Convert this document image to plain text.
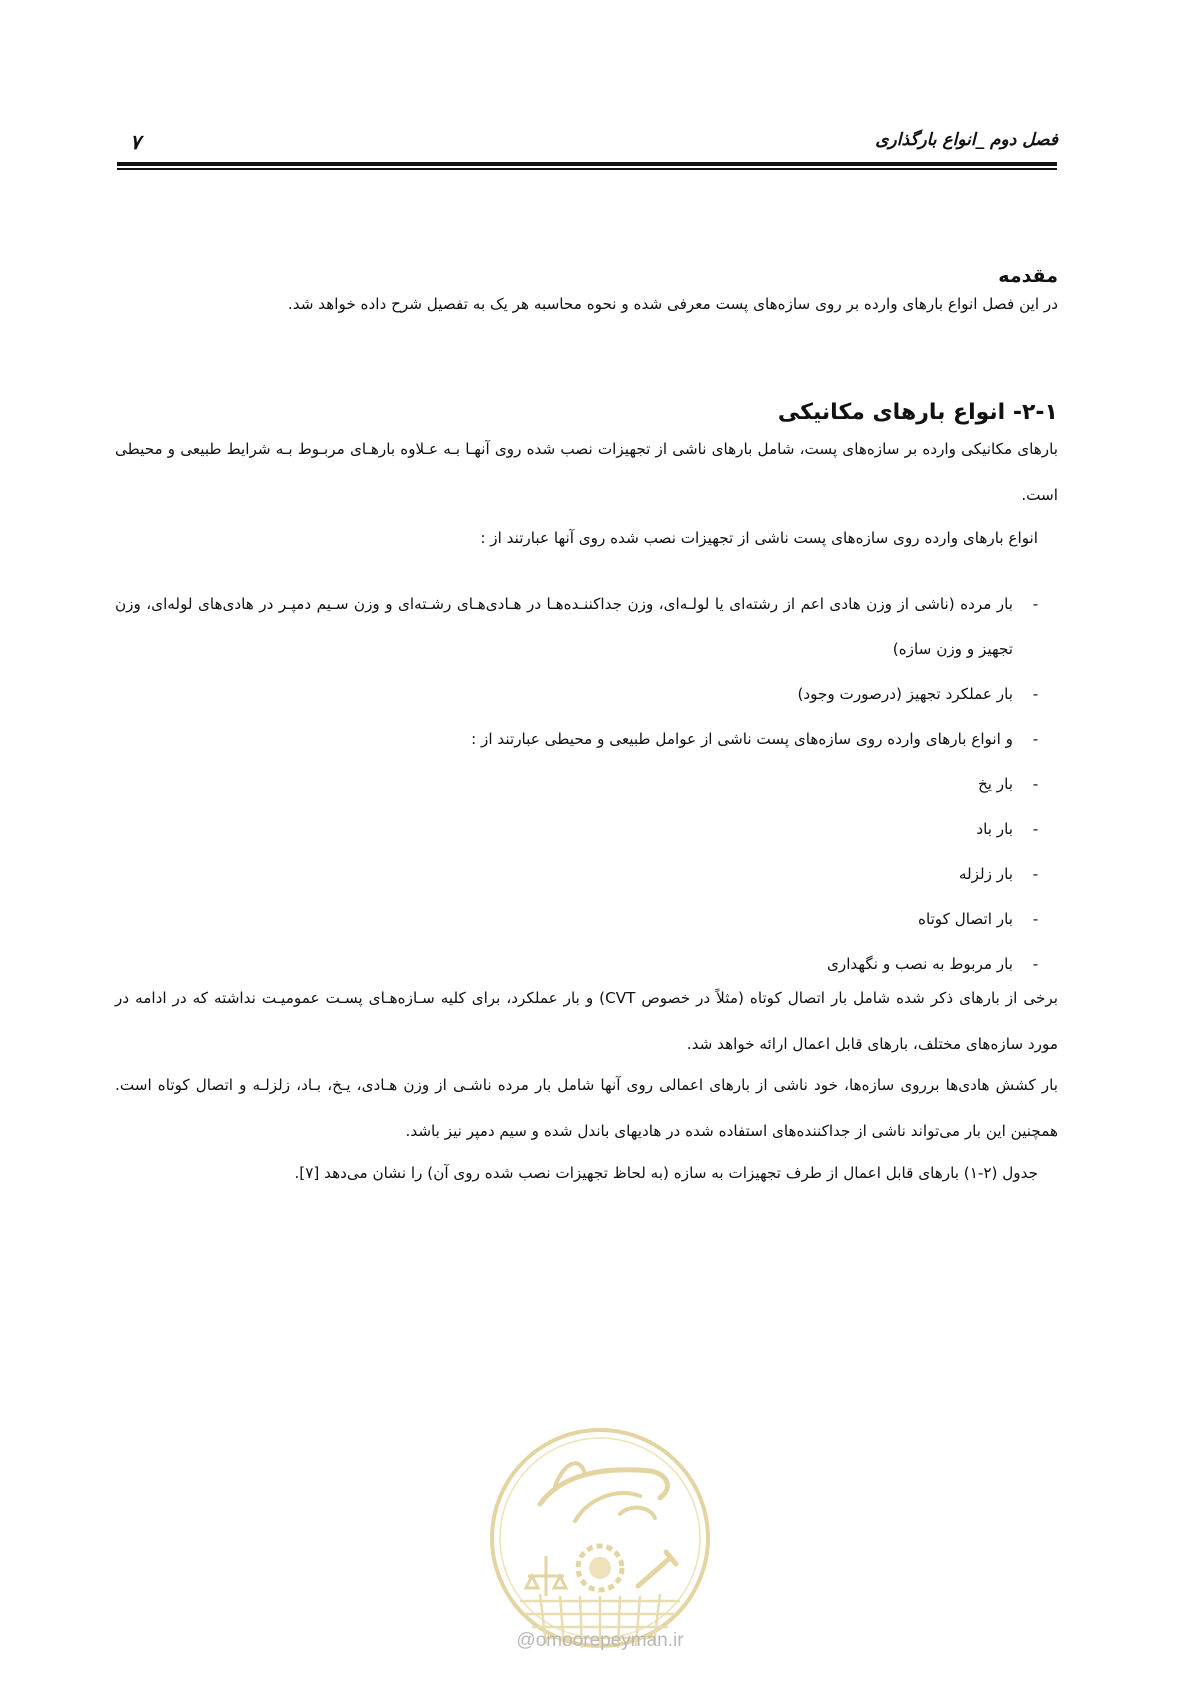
فصل دوم _انواع بارگذاری
۷
مقدمه
در این فصل انواع بارهای وارده بر روی سازه‌های پست معرفی شده و نحوه محاسبه هر یک به تفصیل شرح داده خواهد شد.
۲-۱- انواع بارهای مکانیکی
بارهای مکانیکی وارده بر سازه‌های پست، شامل بارهای ناشی از تجهیزات نصب شده روی آنهـا بـه عـلاوه بارهـای مربـوط بـه شرایط طبیعی و محیطی است.
انواع بارهای وارده روی سازه‌های پست ناشی از تجهیزات نصب شده روی آنها عبارتند از :
-
بار مرده (ناشی از وزن هادی اعم از رشته‌ای یا لولـه‌ای، وزن جداکننـده‌هـا در هـادی‌هـای رشـته‌ای و وزن سـیم دمپـر در هادی‌های لوله‌ای، وزن تجهیز و وزن سازه)
-
بار عملکرد تجهیز (درصورت وجود)
-
و انواع بارهای وارده روی سازه‌های پست ناشی از عوامل طبیعی و محیطی عبارتند از :
-
بار یخ
-
بار باد
-
بار زلزله
-
بار اتصال کوتاه
-
بار مربوط به نصب و نگهداری
برخی از بارهای ذکر شده شامل بار اتصال کوتاه (مثلاً در خصوص CVT) و بار عملکرد، برای کلیه سـازه‌هـای پسـت عمومیـت نداشته که در ادامه در مورد سازه‌های مختلف، بارهای قابل اعمال ارائه خواهد شد.
بار کشش هادی‌ها برروی سازه‌ها، خود ناشی از بارهای اعمالی روی آنها شامل بار مرده ناشـی از وزن هـادی، یـخ، بـاد، زلزلـه و اتصال کوتاه است. همچنین این بار می‌تواند ناشی از جداکننده‌های استفاده شده در هادیهای باندل شده و سیم دمپر نیز باشد.
جدول (۲-۱) بارهای قابل اعمال از طرف تجهیزات به سازه (به لحاظ تجهیزات نصب شده روی آن) را نشان می‌دهد [۷].
@omoorepeyman.ir
